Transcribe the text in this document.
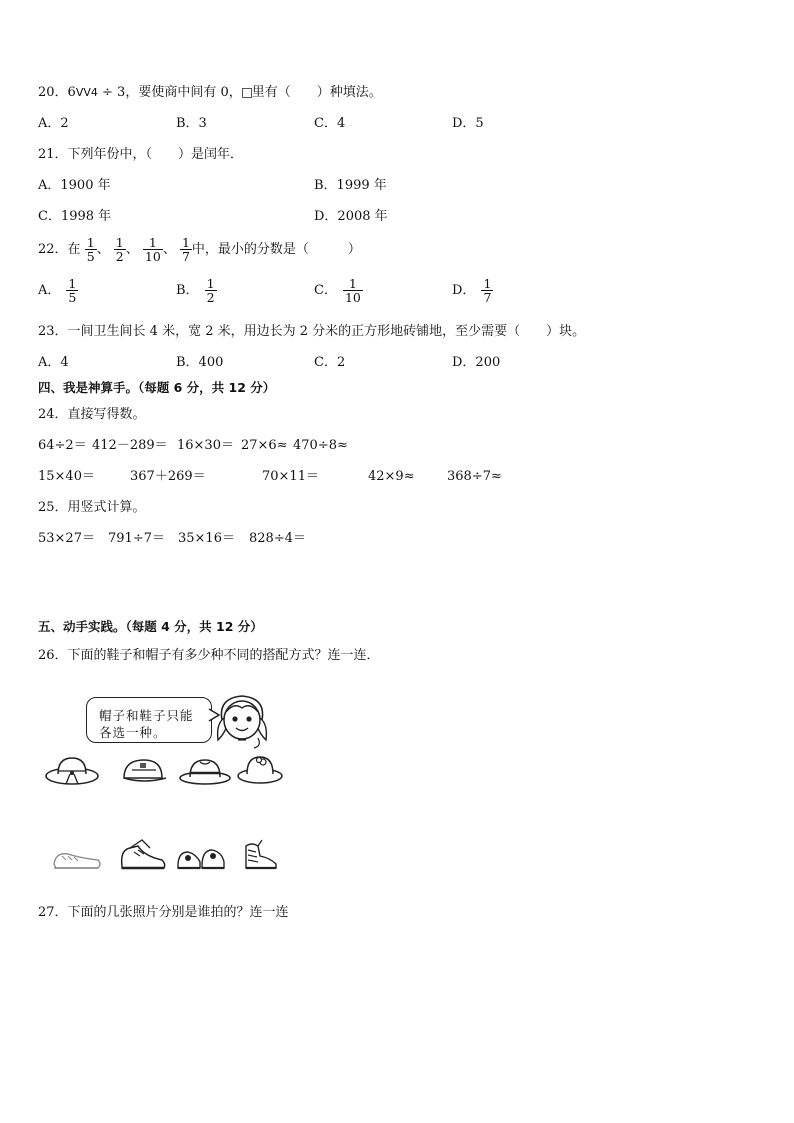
20．6VV4 ÷ 3，要使商中间有 0， 里有（　　）种填法。
A．2	B．3	C．4	D．5
21．下列年份中，（　　）是闰年．
A．1900 年	B．1999 年
C．1998 年	D．2008 年
22．在 $\frac{1}{5}$ 、 $\frac{1}{2}$ 、 $\frac{1}{10}$ 、 $\frac{1}{7}$ 中，最小的分数是（　　　）
A． $\frac{1}{5}$	B． $\frac{1}{2}$	C． $\frac{1}{10}$	D． $\frac{1}{7}$
23．一间卫生间长 4 米，宽 2 米，用边长为 2 分米的正方形地砖铺地，至少需要（　　）块。
A．4	B．400	C．2	D．200
四、我是神算手。（每题 6 分，共 12 分）
24．直接写得数。
64÷2＝ 412－289＝ 16×30＝ 27×6≈ 470÷8≈
15×40＝	367＋269＝	70×11＝	42×9≈ 368÷7≈
25．用竖式计算。
53×27＝ 791÷7＝ 35×16＝ 828÷4＝
五、动手实践。（每题 4 分，共 12 分）
26．下面的鞋子和帽子有多少种不同的搭配方式？连一连．
帽子和鞋子只能
各选一种。
27．下面的几张照片分别是谁拍的？连一连
